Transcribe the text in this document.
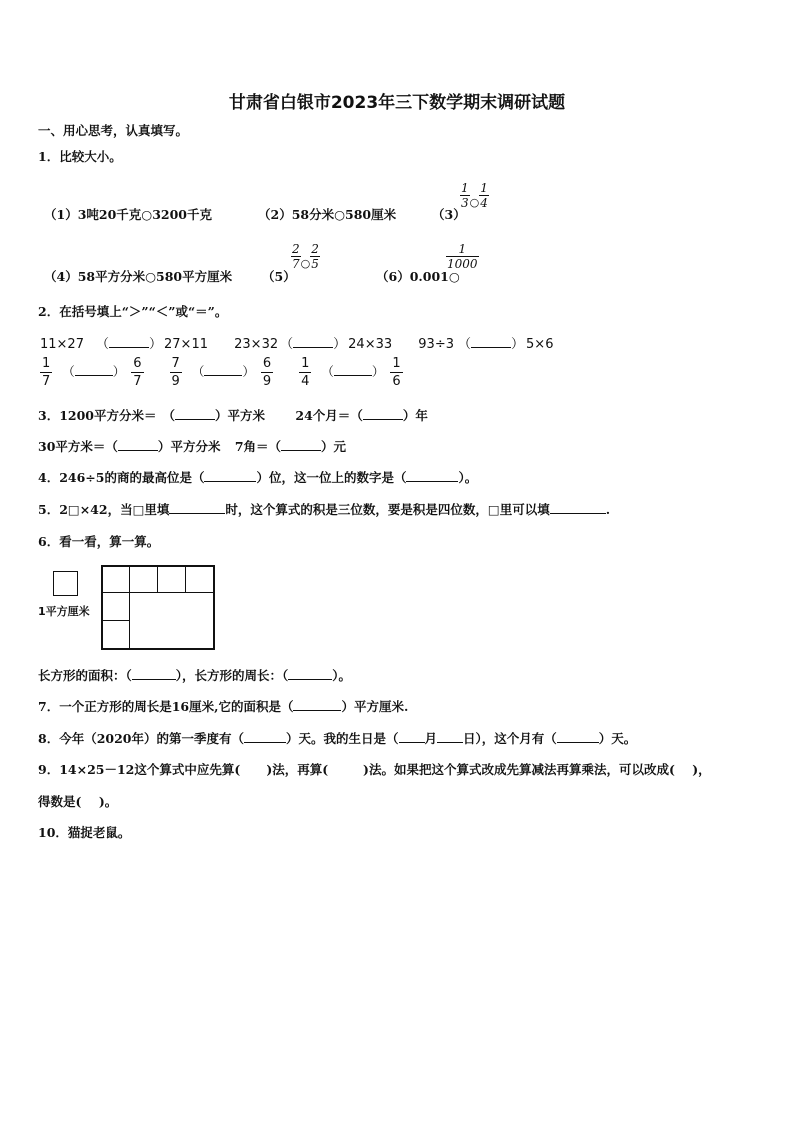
甘肃省白银市2023年三下数学期末调研试题
一、用心思考，认真填写。
1．比较大小。
（1）3吨20千克○3200千克	（2）58分米○580厘米	（3）
$\frac{1}{3}$ ○ $\frac{1}{4}$
（4）58平方分米○580平方厘米 （5）
$\frac{2}{7}$ ○ $\frac{2}{5}$
（6）0.001○
$\frac{1}{1000}$
2．在括号填上“＞”“＜”或“＝”。
11×27 （	） 27×11 23×32 （	） 24×33 93÷3 （	） 5×6
$\frac{1}{7}$ （	） $\frac{6}{7}$
$\frac{7}{9}$ （	） $\frac{6}{9}$
$\frac{1}{4}$ （	） $\frac{1}{6}$
3．1200平方分米＝ （	）平方米 24个月＝（	）年
30平方米＝（	）平方分米 7角＝（	）元
4．246÷5的商的最高位是（	）位，这一位上的数字是（	）。
5．2□×42，当□里填	时，这个算式的积是三位数，要是积是四位数，□里可以填	.
6．看一看，算一算。
1平方厘米
长方形的面积：（	），长方形的周长：（	）。
7．一个正方形的周长是16厘米,它的面积是（	）平方厘米.
8．今年（2020年）的第一季度有（	）天。我的生日是（ 月 日），这个月有（	）天。
9．14×25－12这个算式中应先算(      )法，再算(        )法。如果把这个算式改成先算减法再算乘法，可以改成(    )，
得数是(    )。
10．猫捉老鼠。
